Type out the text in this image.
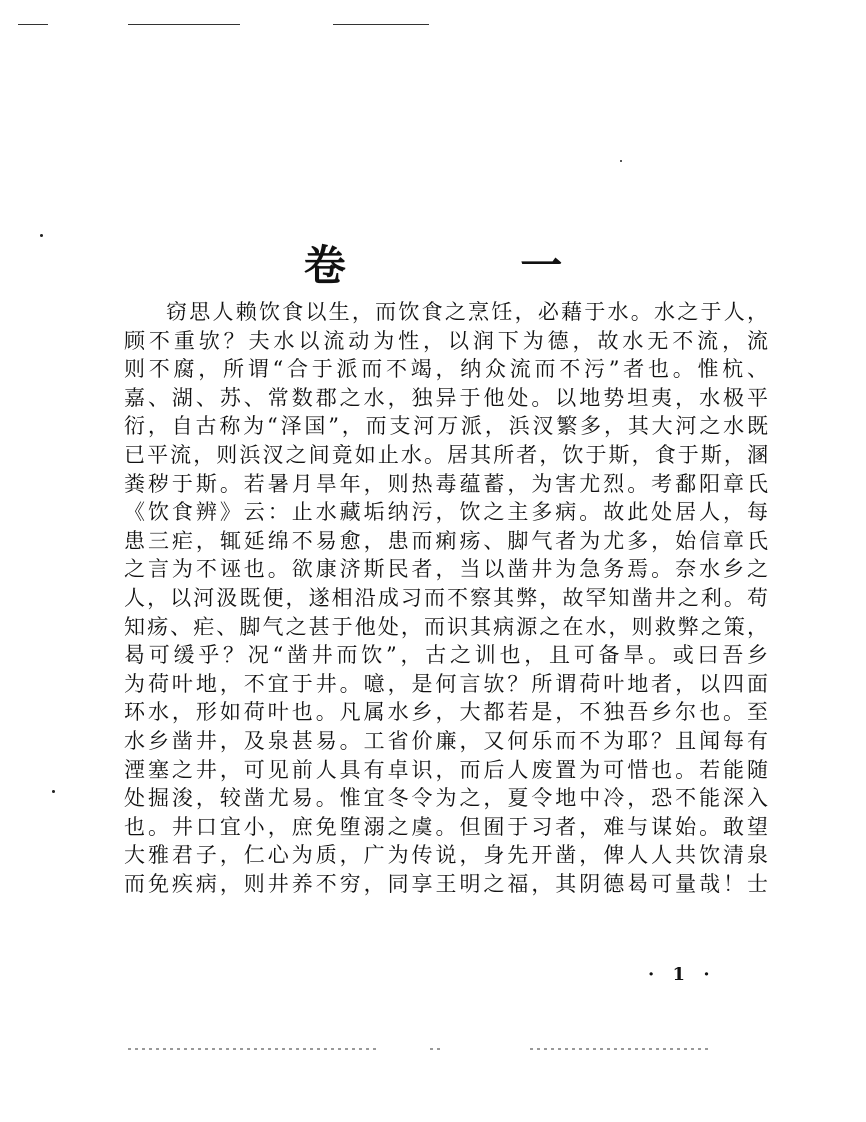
卷 一
窃思人赖饮食以生，而饮食之烹饪，必藉于水。水之于人，
顾不重欤？夫水以流动为性，以润下为德，故水无不流，流
则不腐，所谓“合于派而不竭，纳众流而不污”者也。惟杭、
嘉、湖、苏、常数郡之水，独异于他处。以地势坦夷，水极平
衍，自古称为“泽国”，而支河万派，浜汊繁多，其大河之水既
已平流，则浜汊之间竟如止水。居其所者，饮于斯，食于斯，溷
粪秽于斯。若暑月旱年，则热毒蕴蓄，为害尤烈。考鄱阳章氏
《饮食辨》云：止水藏垢纳污，饮之主多病。故此处居人，每
患三疟，辄延绵不易愈，患而痢疡、脚气者为尤多，始信章氏
之言为不诬也。欲康济斯民者，当以凿井为急务焉。奈水乡之
人，以河汲既便，遂相沿成习而不察其弊，故罕知凿井之利。苟
知疡、疟、脚气之甚于他处，而识其病源之在水，则救弊之策，
曷可缓乎？况“凿井而饮”，古之训也，且可备旱。或曰吾乡
为荷叶地，不宜于井。噫，是何言欤？所谓荷叶地者，以四面
环水，形如荷叶也。凡属水乡，大都若是，不独吾乡尔也。至
水乡凿井，及泉甚易。工省价廉，又何乐而不为耶？且闻每有
湮塞之井，可见前人具有卓识，而后人废置为可惜也。若能随
处掘浚，较凿尤易。惟宜冬令为之，夏令地中冷，恐不能深入
也。井口宜小，庶免堕溺之虞。但囿于习者，难与谋始。敢望
大雅君子，仁心为质，广为传说，身先开凿，俾人人共饮清泉
而免疾病，则井养不穷，同享王明之福，其阴德曷可量哉！士
· 1 ·
